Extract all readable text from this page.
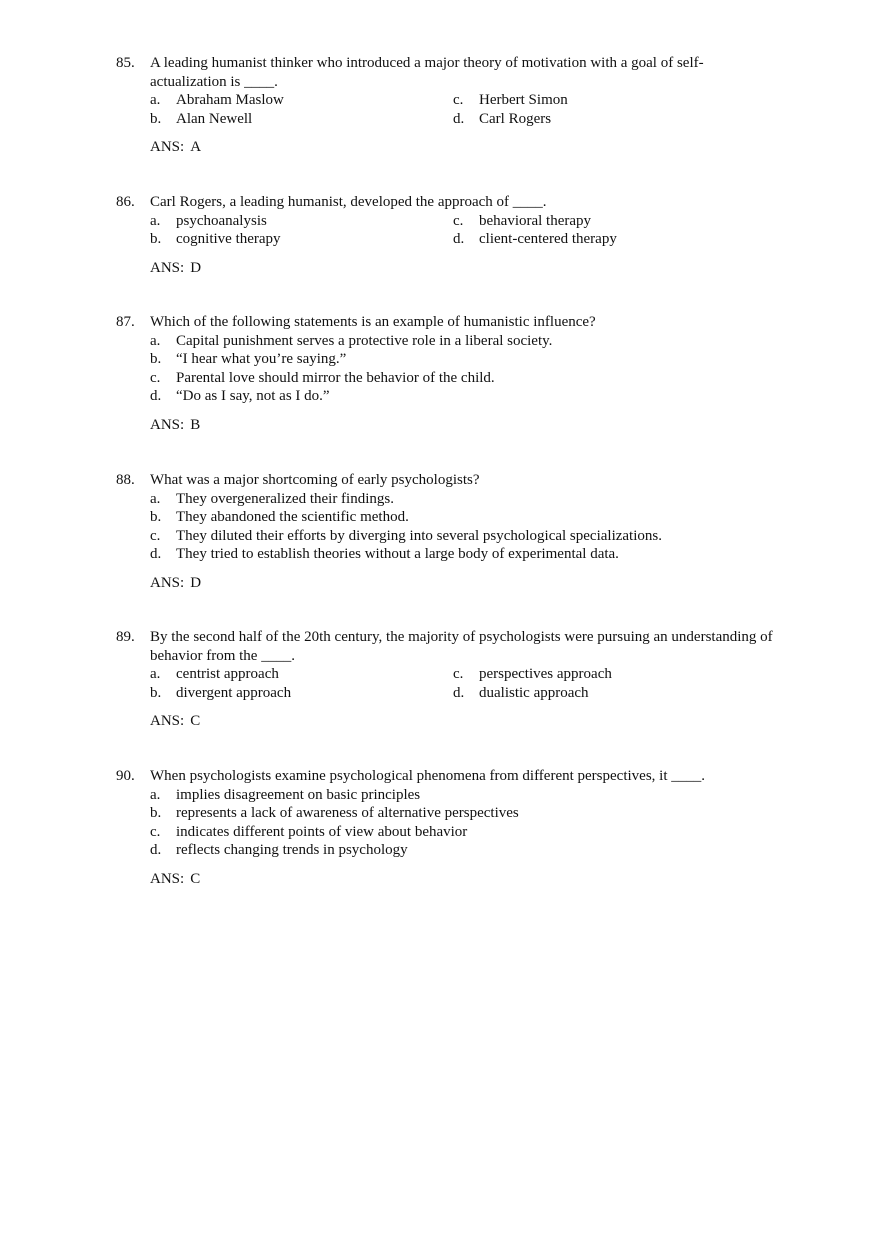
85. A leading humanist thinker who introduced a major theory of motivation with a goal of self-actualization is ____.
a. Abraham Maslow	c. Herbert Simon
b. Alan Newell	d. Carl Rogers
ANS: A
86. Carl Rogers, a leading humanist, developed the approach of ____.
a. psychoanalysis	c. behavioral therapy
b. cognitive therapy	d. client-centered therapy
ANS: D
87. Which of the following statements is an example of humanistic influence?
a. Capital punishment serves a protective role in a liberal society.
b. “I hear what you’re saying.”
c. Parental love should mirror the behavior of the child.
d. “Do as I say, not as I do.”
ANS: B
88. What was a major shortcoming of early psychologists?
a. They overgeneralized their findings.
b. They abandoned the scientific method.
c. They diluted their efforts by diverging into several psychological specializations.
d. They tried to establish theories without a large body of experimental data.
ANS: D
89. By the second half of the 20th century, the majority of psychologists were pursuing an understanding of behavior from the ____.
a. centrist approach	c. perspectives approach
b. divergent approach	d. dualistic approach
ANS: C
90. When psychologists examine psychological phenomena from different perspectives, it ____.
a. implies disagreement on basic principles
b. represents a lack of awareness of alternative perspectives
c. indicates different points of view about behavior
d. reflects changing trends in psychology
ANS: C
